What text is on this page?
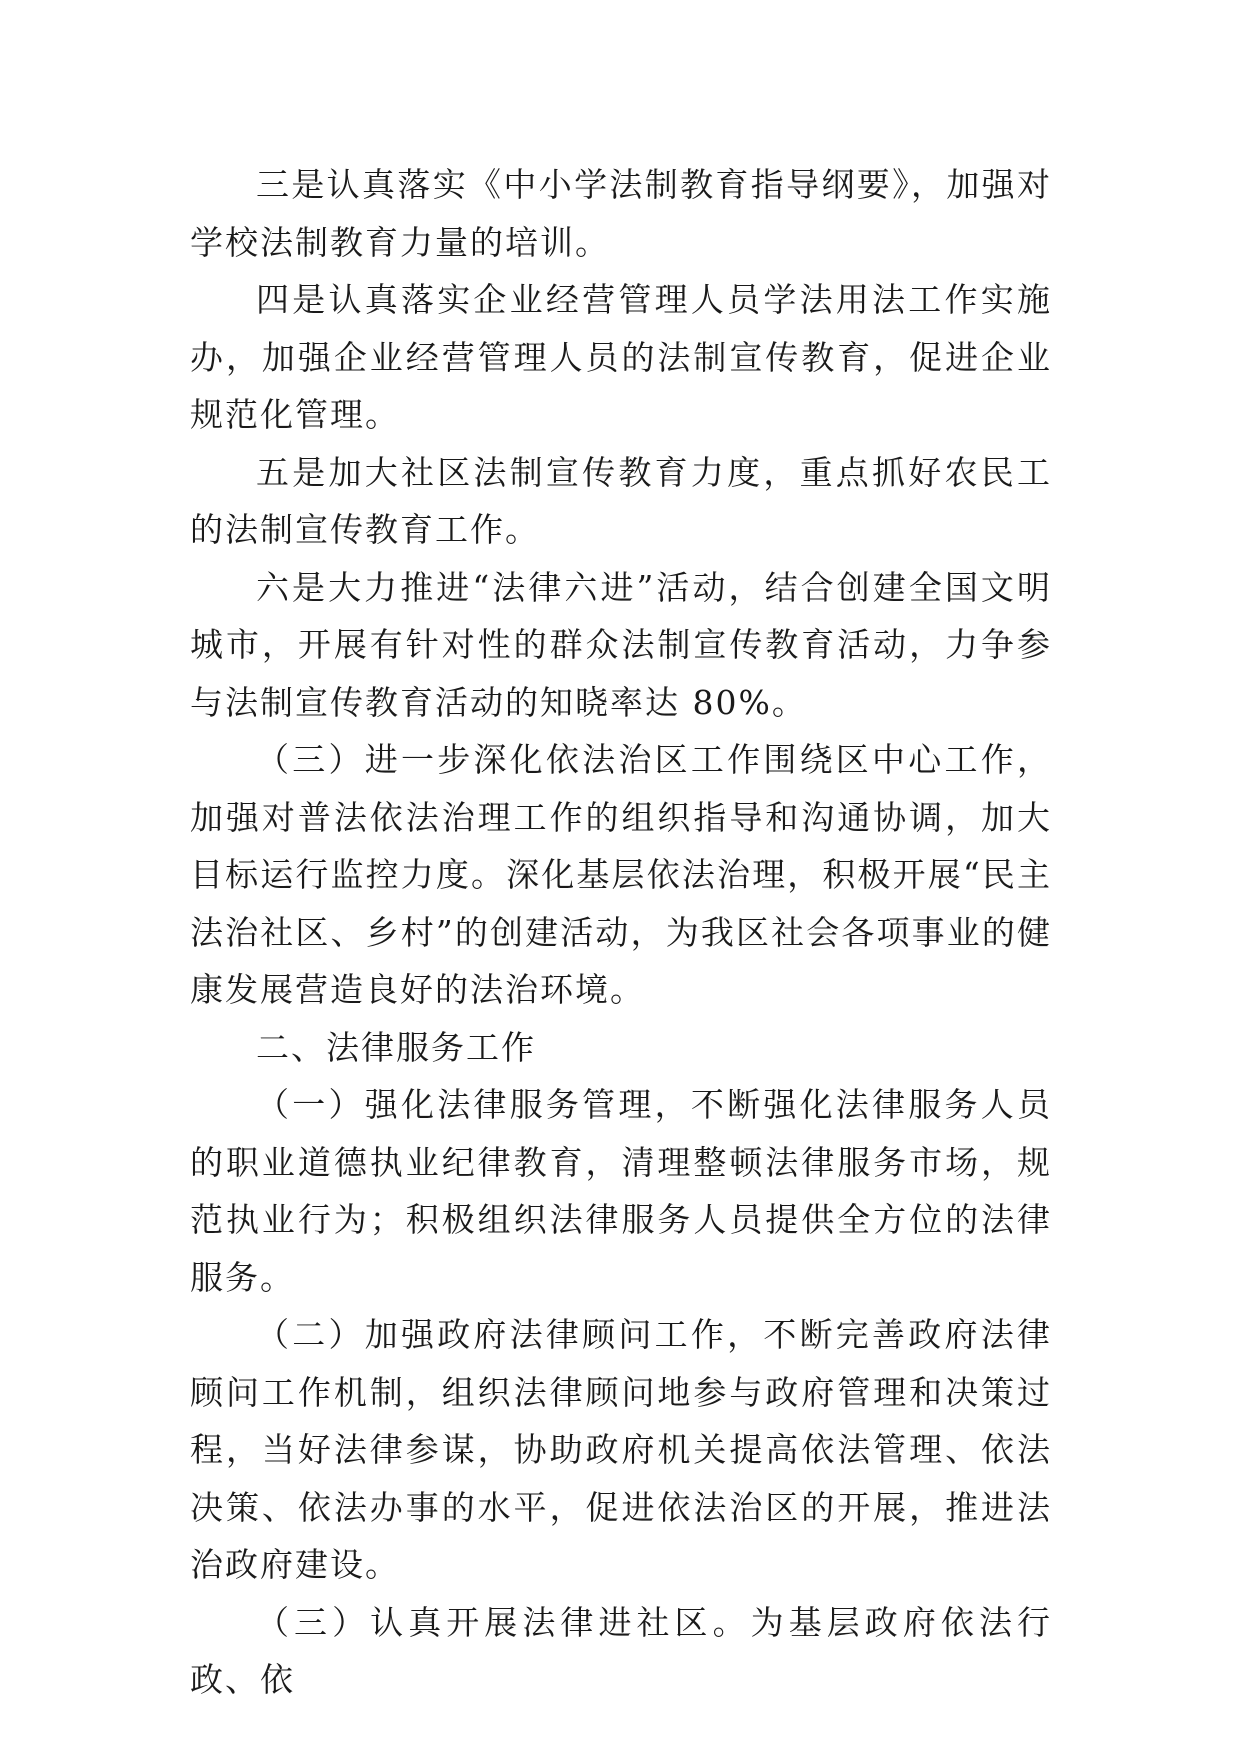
三是认真落实《中小学法制教育指导纲要》，加强对学校法制教育力量的培训。

四是认真落实企业经营管理人员学法用法工作实施办，加强企业经营管理人员的法制宣传教育，促进企业规范化管理。

五是加大社区法制宣传教育力度，重点抓好农民工的法制宣传教育工作。

六是大力推进“法律六进”活动，结合创建全国文明城市，开展有针对性的群众法制宣传教育活动，力争参与法制宣传教育活动的知晓率达 80%。

（三）进一步深化依法治区工作围绕区中心工作，加强对普法依法治理工作的组织指导和沟通协调，加大目标运行监控力度。深化基层依法治理，积极开展“民主法治社区、乡村”的创建活动，为我区社会各项事业的健康发展营造良好的法治环境。

二、法律服务工作

（一）强化法律服务管理，不断强化法律服务人员的职业道德执业纪律教育，清理整顿法律服务市场，规范执业行为；积极组织法律服务人员提供全方位的法律服务。

（二）加强政府法律顾问工作，不断完善政府法律顾问工作机制，组织法律顾问地参与政府管理和决策过程，当好法律参谋，协助政府机关提高依法管理、依法决策、依法办事的水平，促进依法治区的开展，推进法治政府建设。

（三）认真开展法律进社区。为基层政府依法行政、依
